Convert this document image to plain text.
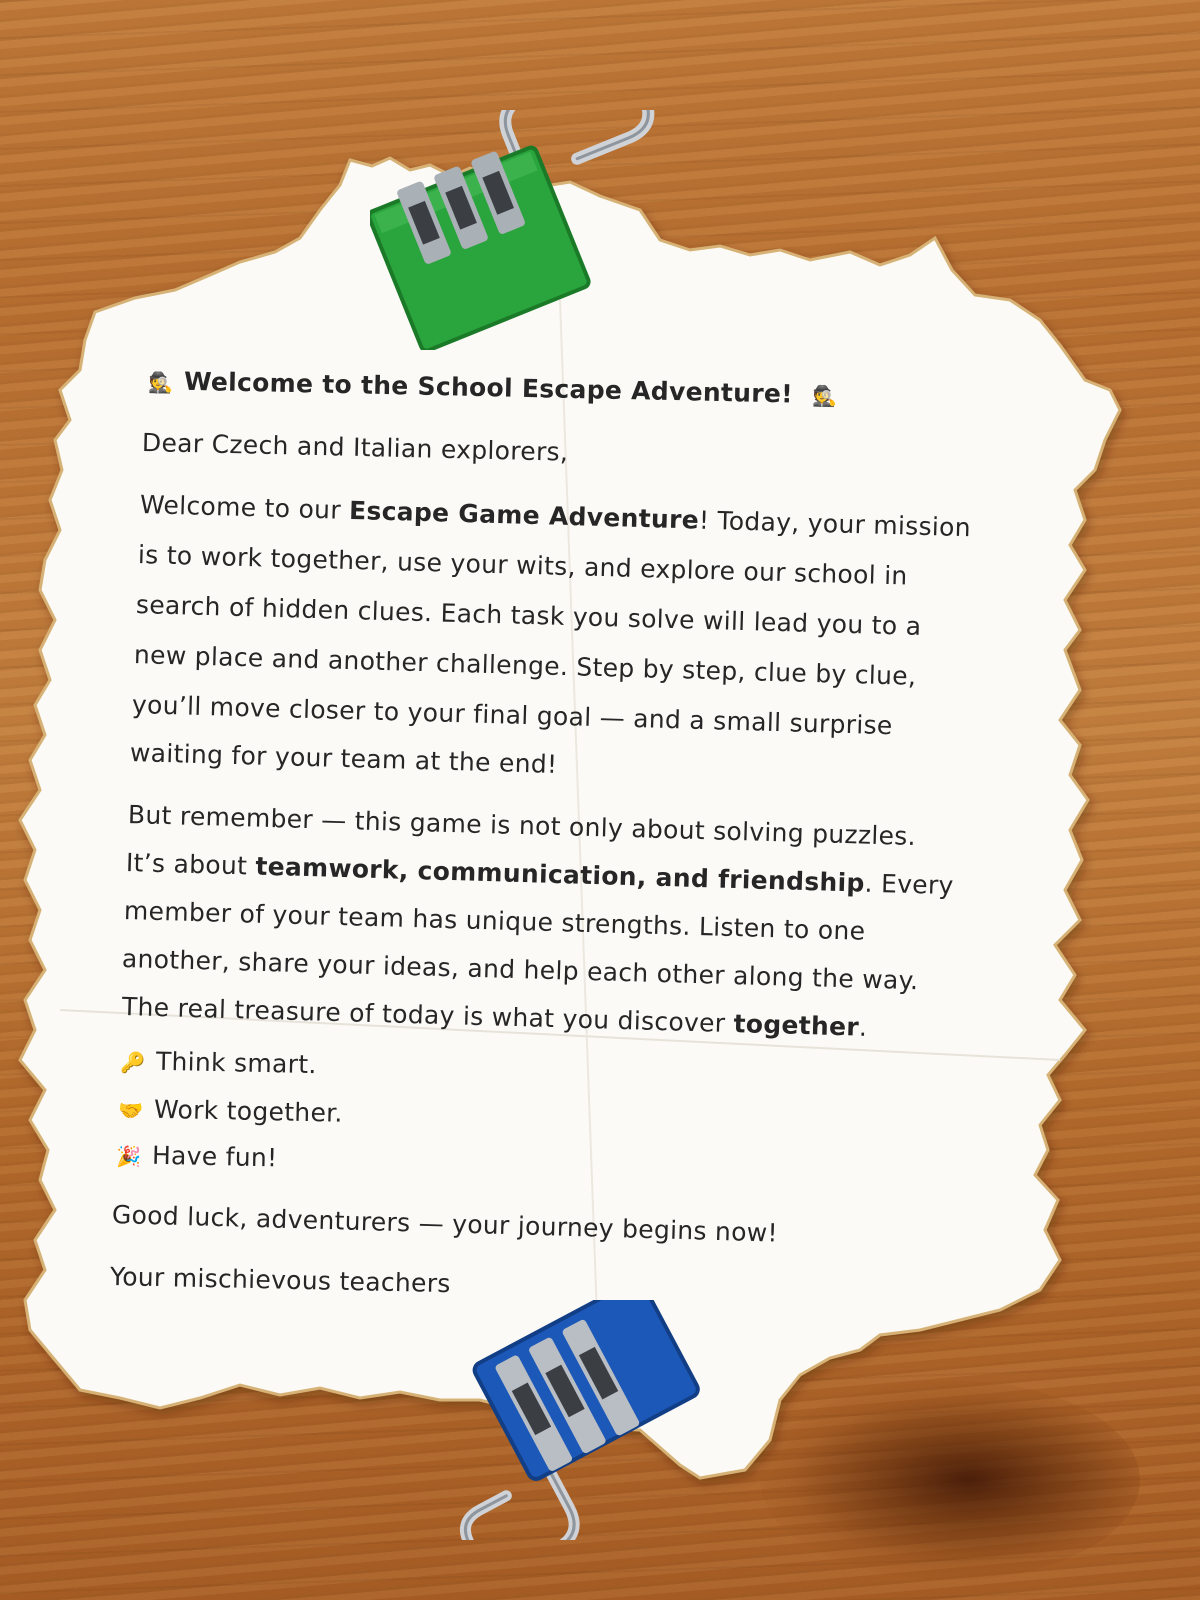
🕵 Welcome to the School Escape Adventure! 🕵
Dear Czech and Italian explorers,
Welcome to our Escape Game Adventure! Today, your mission
is to work together, use your wits, and explore our school in
search of hidden clues. Each task you solve will lead you to a
new place and another challenge. Step by step, clue by clue,
you’ll move closer to your final goal — and a small surprise
waiting for your team at the end!
But remember — this game is not only about solving puzzles.
It’s about teamwork, communication, and friendship. Every
member of your team has unique strengths. Listen to one
another, share your ideas, and help each other along the way.
The real treasure of today is what you discover together.
🔑 Think smart.
🤝 Work together.
🎉 Have fun!
Good luck, adventurers — your journey begins now!
Your mischievous teachers
